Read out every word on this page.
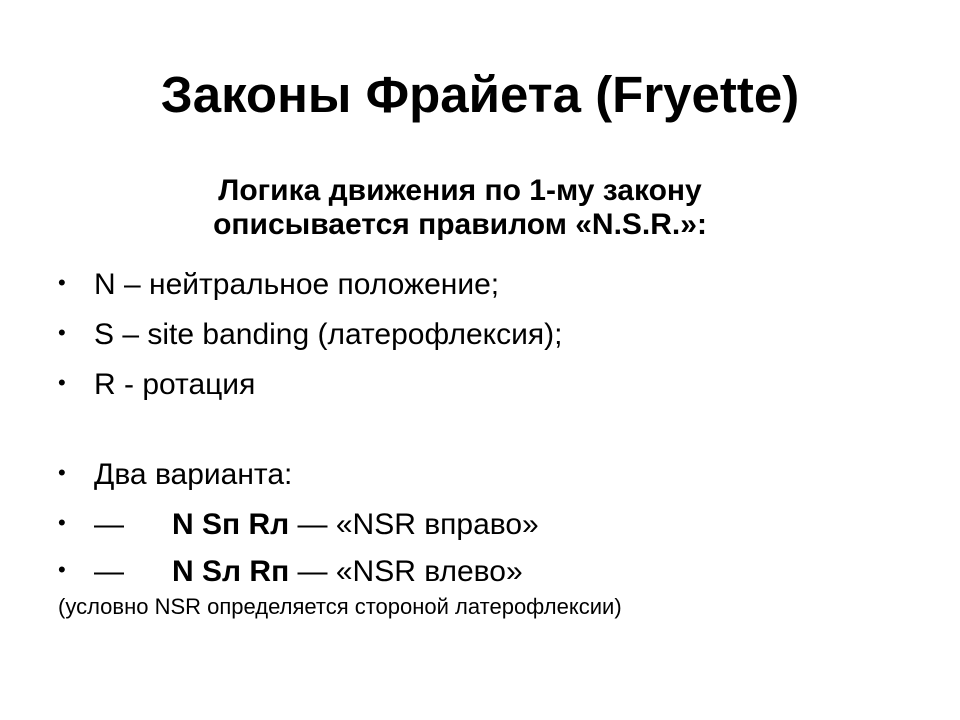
Законы Фрайета (Fryette)
Логика движения по 1-му закону
описывается правилом «N.S.R.»:
• N – нейтральное положение;
• S – site banding (латерофлексия);
• R - ротация
• Два варианта:
• — N Sп Rл — «NSR вправо»
• — N Sл Rп — «NSR влево»
(условно NSR определяется стороной латерофлексии)
